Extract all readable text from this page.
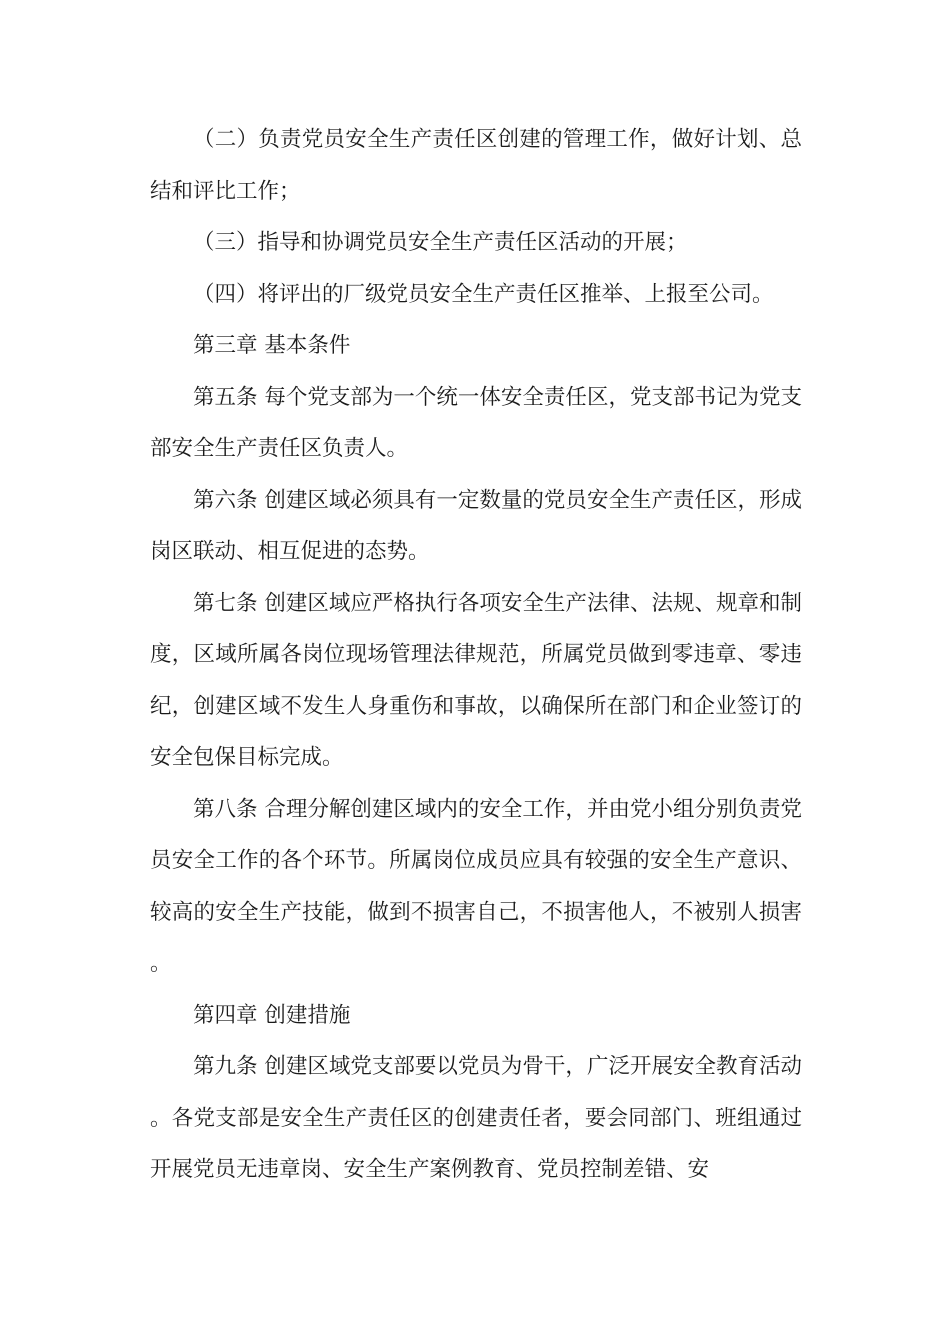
（二）负责党员安全生产责任区创建的管理工作，做好计划、总结和评比工作；

（三）指导和协调党员安全生产责任区活动的开展；

（四）将评出的厂级党员安全生产责任区推举、上报至公司。

第三章 基本条件

第五条 每个党支部为一个统一体安全责任区，党支部书记为党支部安全生产责任区负责人。

第六条 创建区域必须具有一定数量的党员安全生产责任区，形成岗区联动、相互促进的态势。

第七条 创建区域应严格执行各项安全生产法律、法规、规章和制度，区域所属各岗位现场管理法律规范，所属党员做到零违章、零违纪，创建区域不发生人身重伤和事故，以确保所在部门和企业签订的安全包保目标完成。

第八条 合理分解创建区域内的安全工作，并由党小组分别负责党员安全工作的各个环节。所属岗位成员应具有较强的安全生产意识、较高的安全生产技能，做到不损害自己，不损害他人，不被别人损害。

第四章 创建措施

第九条 创建区域党支部要以党员为骨干，广泛开展安全教育活动。各党支部是安全生产责任区的创建责任者，要会同部门、班组通过开展党员无违章岗、安全生产案例教育、党员控制差错、安
